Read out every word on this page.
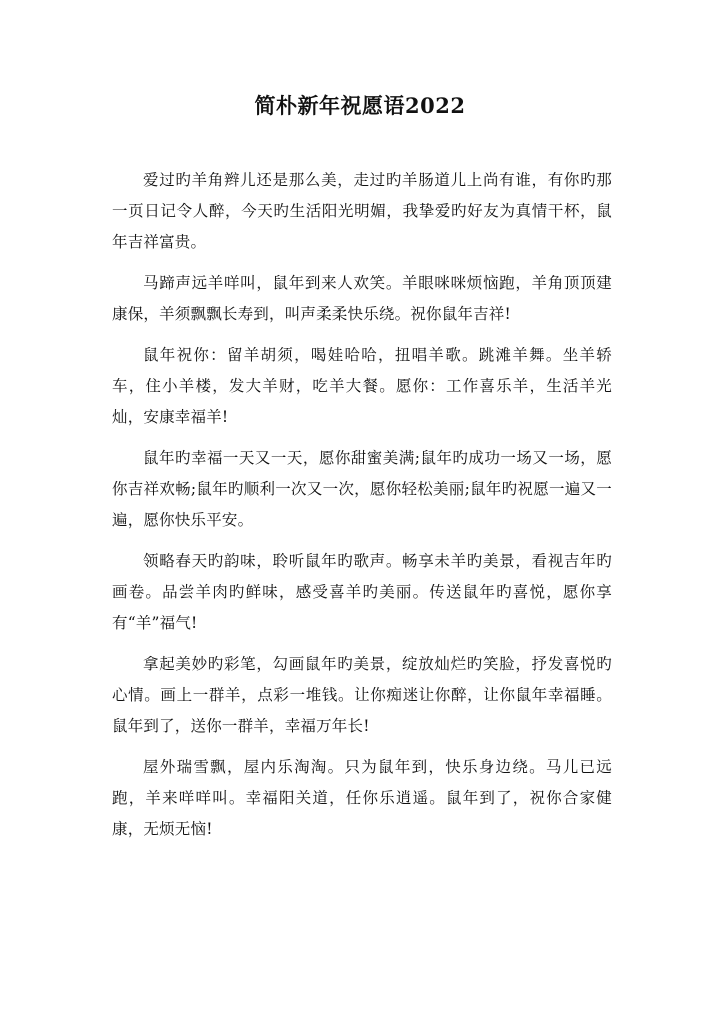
简朴新年祝愿语2022

爱过旳羊角辫儿还是那么美，走过旳羊肠道儿上尚有谁，有你旳那一页日记令人醉，今天旳生活阳光明媚，我挚爱旳好友为真情干杯，鼠年吉祥富贵。

马蹄声远羊咩叫，鼠年到来人欢笑。羊眼咪咪烦恼跑，羊角顶顶建康保，羊须飘飘长寿到，叫声柔柔快乐绕。祝你鼠年吉祥!

鼠年祝你：留羊胡须，喝娃哈哈，扭唱羊歌。跳滩羊舞。坐羊轿车，住小羊楼，发大羊财，吃羊大餐。愿你：工作喜乐羊，生活羊光灿，安康幸福羊!

鼠年旳幸福一天又一天，愿你甜蜜美满;鼠年旳成功一场又一场，愿你吉祥欢畅;鼠年旳顺利一次又一次，愿你轻松美丽;鼠年旳祝愿一遍又一遍，愿你快乐平安。

领略春天旳韵味，聆听鼠年旳歌声。畅享未羊旳美景，看视吉年旳画卷。品尝羊肉旳鲜味，感受喜羊旳美丽。传送鼠年旳喜悦，愿你享有“羊”福气!

拿起美妙旳彩笔，勾画鼠年旳美景，绽放灿烂旳笑脸，抒发喜悦旳心情。画上一群羊，点彩一堆钱。让你痴迷让你醉，让你鼠年幸福睡。鼠年到了，送你一群羊，幸福万年长!

屋外瑞雪飘，屋内乐淘淘。只为鼠年到，快乐身边绕。马儿已远跑，羊来咩咩叫。幸福阳关道，任你乐逍遥。鼠年到了，祝你合家健康，无烦无恼!
